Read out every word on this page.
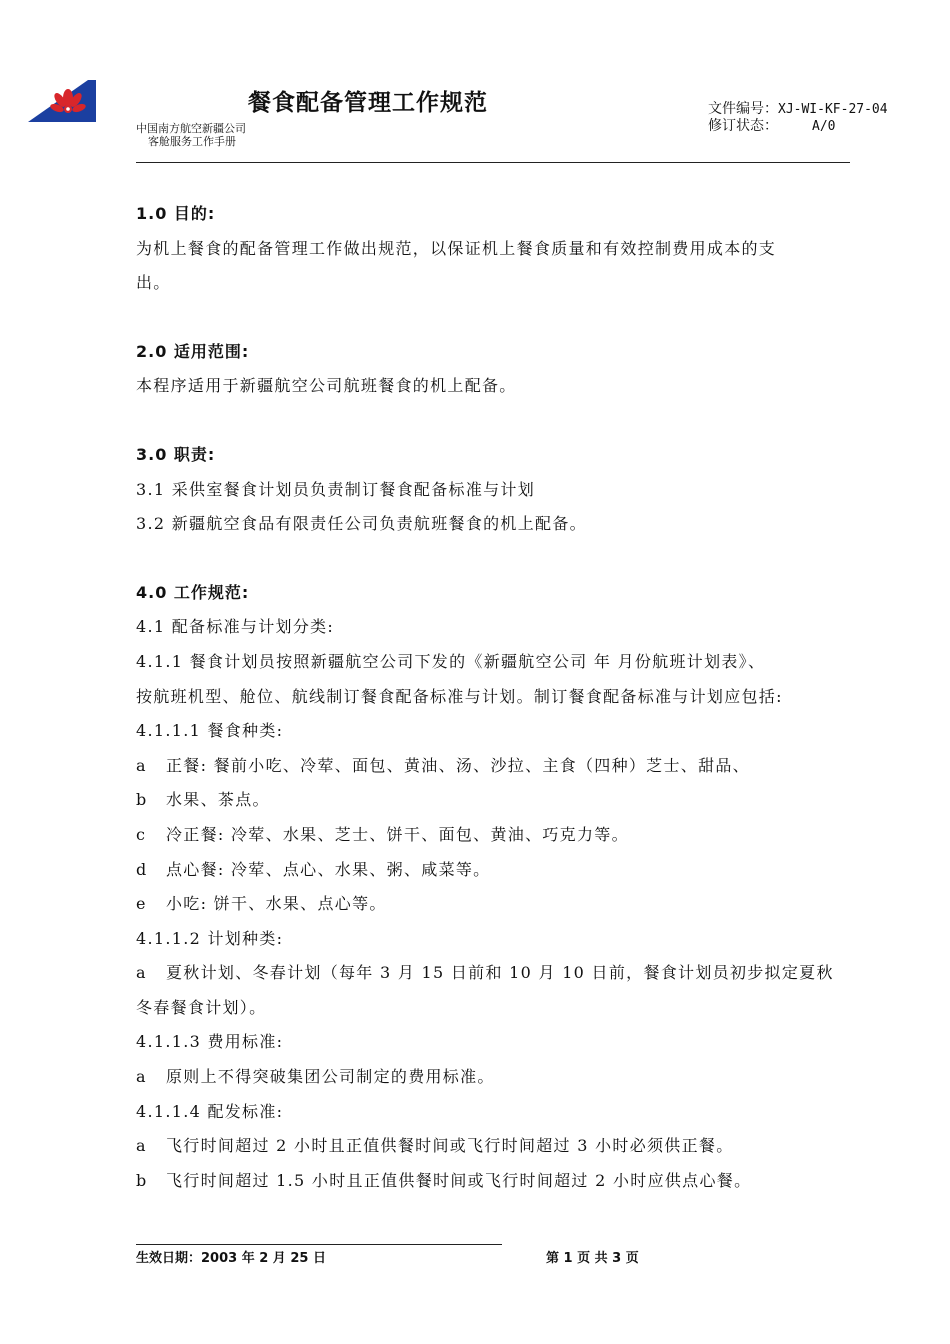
餐食配备管理工作规范
中国南方航空新疆公司
客舱服务工作手册
文件编号：XJ-WI-KF-27-04
修订状态：	A/0
1.0 目的:
为机上餐食的配备管理工作做出规范，以保证机上餐食质量和有效控制费用成本的支
出。
2.0 适用范围:
本程序适用于新疆航空公司航班餐食的机上配备。
3.0 职责:
3.1 采供室餐食计划员负责制订餐食配备标准与计划
3.2 新疆航空食品有限责任公司负责航班餐食的机上配备。
4.0 工作规范:
4.1 配备标准与计划分类:
4.1.1 餐食计划员按照新疆航空公司下发的《新疆航空公司 年 月份航班计划表》、
按航班机型、舱位、航线制订餐食配备标准与计划。制订餐食配备标准与计划应包括:
4.1.1.1 餐食种类:
a 正餐: 餐前小吃、冷荤、面包、黄油、汤、沙拉、主食（四种）芝士、甜品、
b 水果、茶点。
c 冷正餐: 冷荤、水果、芝士、饼干、面包、黄油、巧克力等。
d 点心餐: 冷荤、点心、水果、粥、咸菜等。
e 小吃: 饼干、水果、点心等。
4.1.1.2 计划种类:
a 夏秋计划、冬春计划（每年 3 月 15 日前和 10 月 10 日前，餐食计划员初步拟定夏秋
冬春餐食计划）。
4.1.1.3 费用标准:
a 原则上不得突破集团公司制定的费用标准。
4.1.1.4 配发标准:
a 飞行时间超过 2 小时且正值供餐时间或飞行时间超过 3 小时必须供正餐。
b 飞行时间超过 1.5 小时且正值供餐时间或飞行时间超过 2 小时应供点心餐。
生效日期：2003 年 2 月 25 日	第 1 页 共 3 页
